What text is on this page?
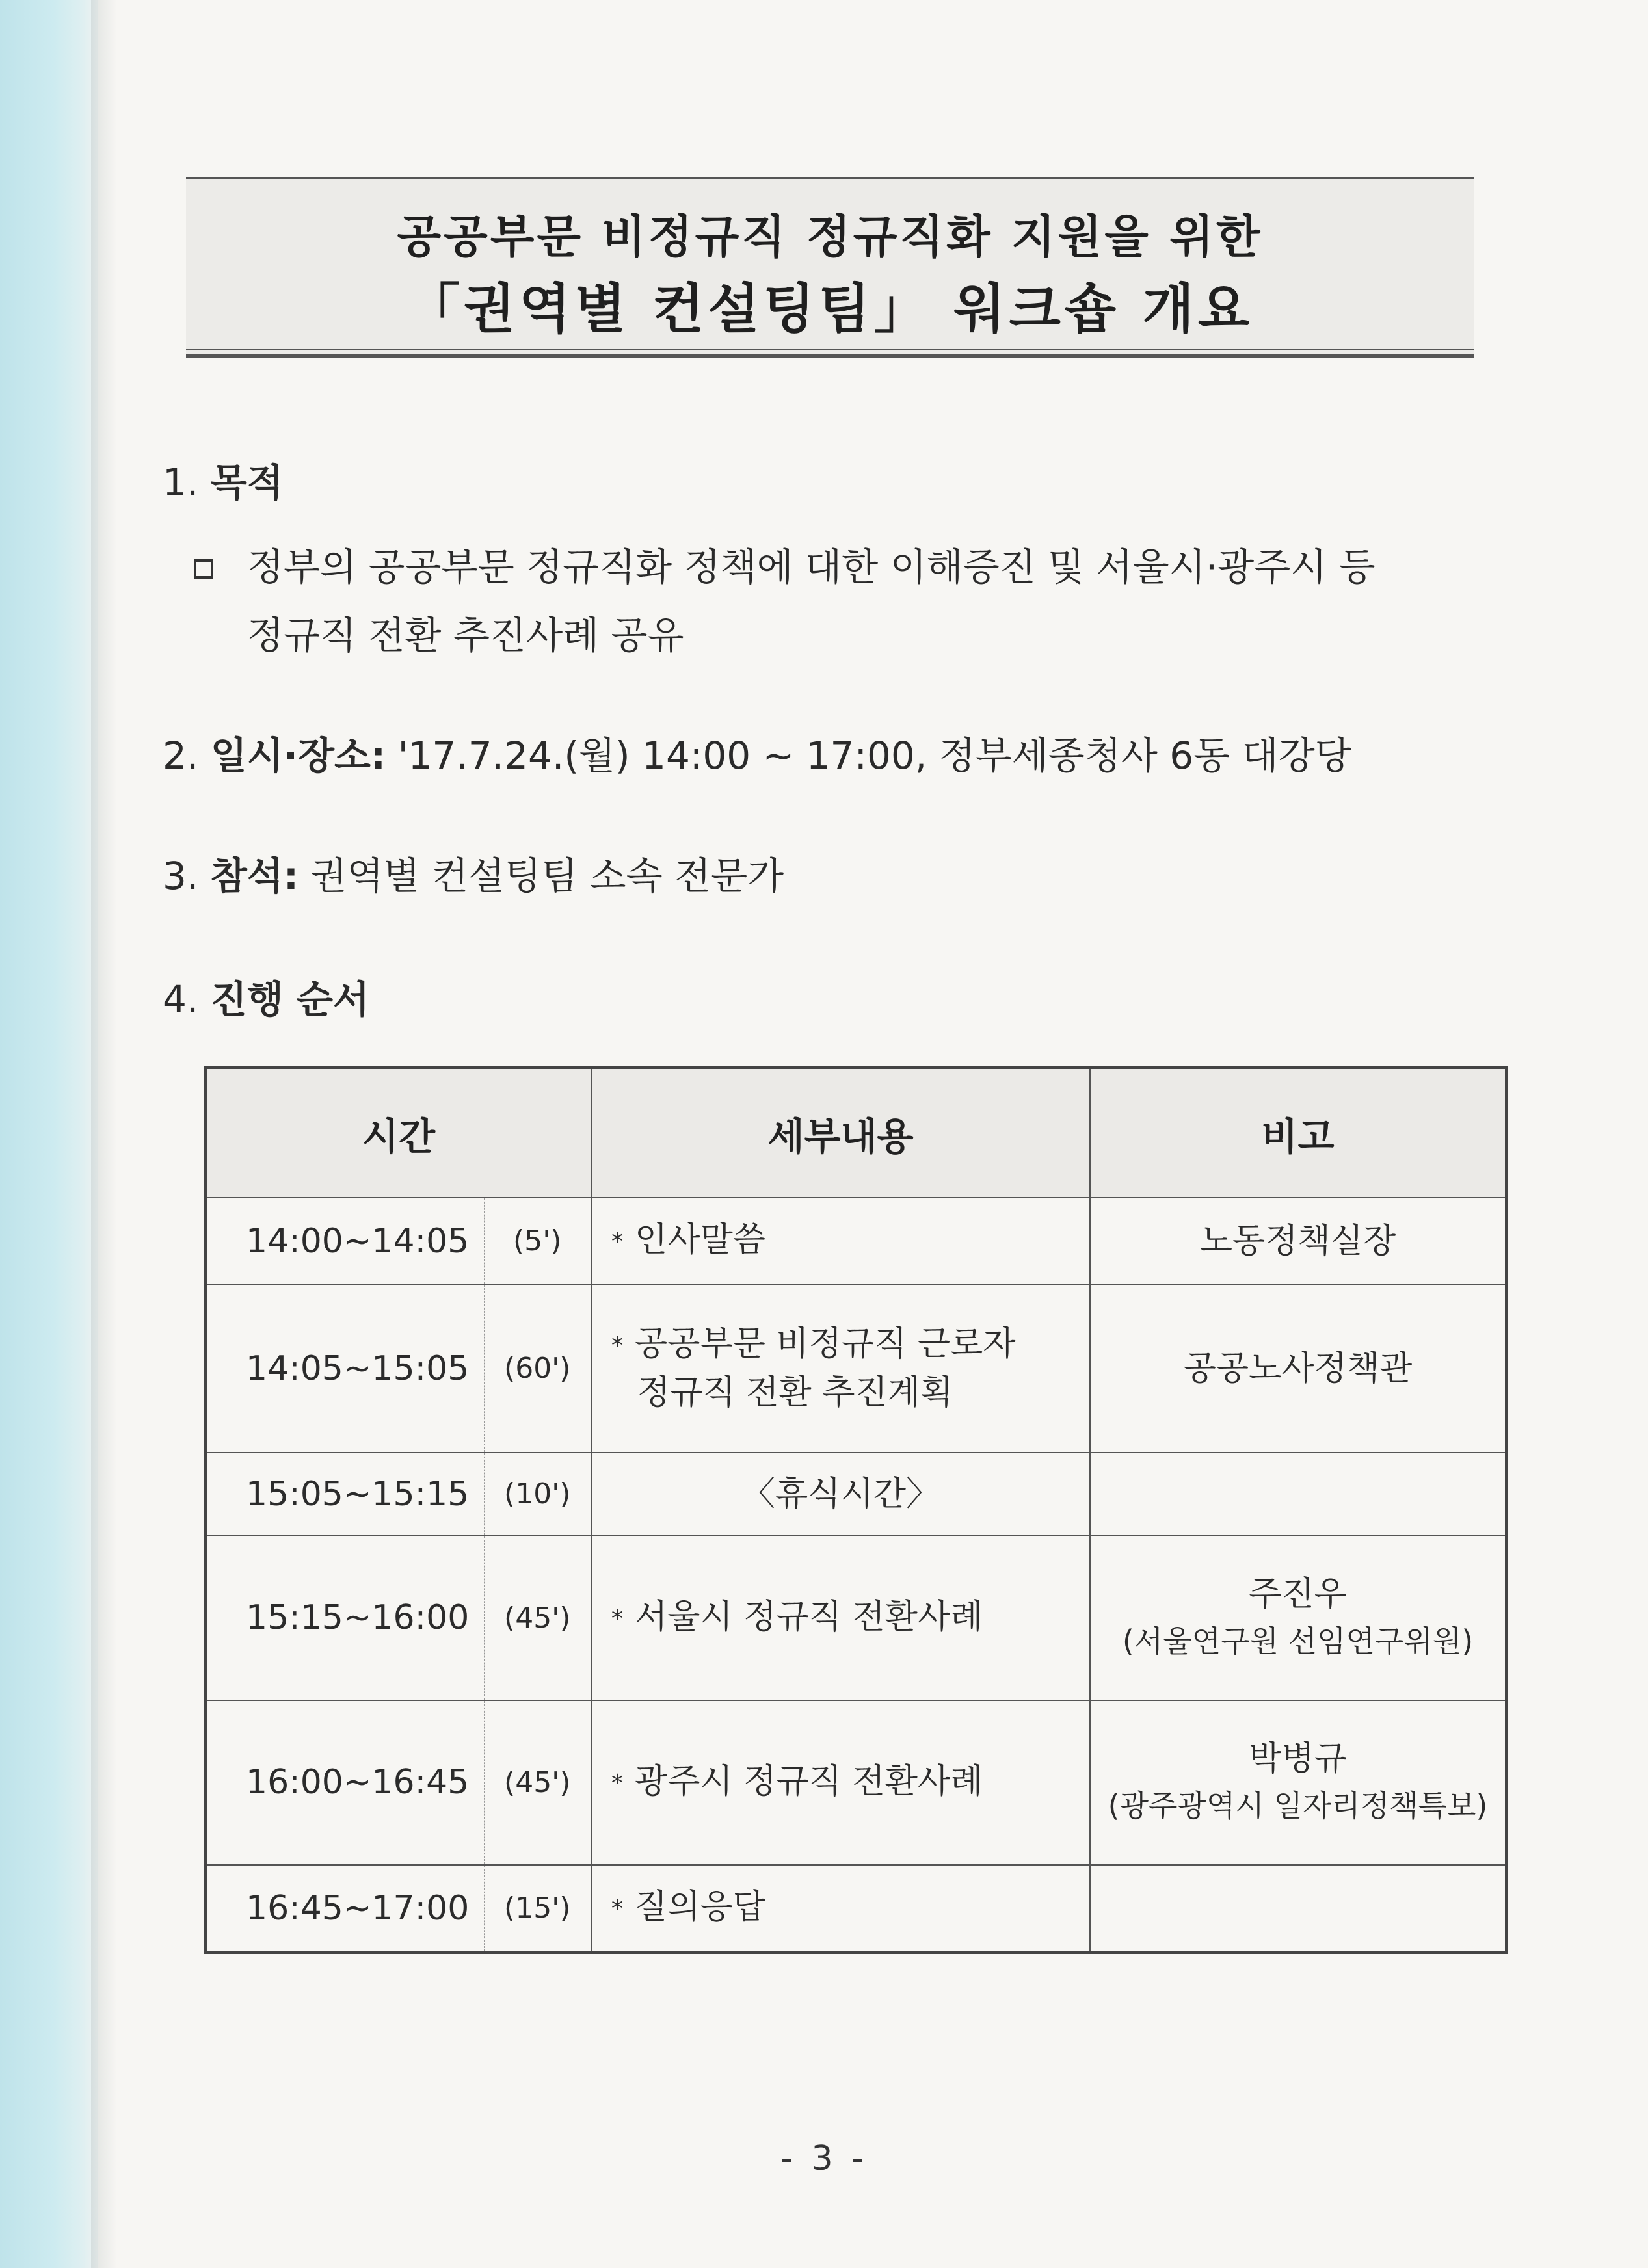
공공부문 비정규직 정규직화 지원을 위한
「권역별 컨설팅팀」 워크숍 개요
1. 목적
정부의 공공부문 정규직화 정책에 대한 이해증진 및 서울시·광주시 등
정규직 전환 추진사례 공유
2. 일시·장소: '17.7.24.(월) 14:00 ~ 17:00, 정부세종청사 6동 대강당
3. 참석: 권역별 컨설팅팀 소속 전문가
4. 진행 순서
시간		세부내용	비고
14:00~14:05	(5')	* 인사말씀	노동정책실장
14:05~15:05	(60')	* 공공부문 비정규직 근로자
정규직 전환 추진계획	공공노사정책관
15:05~15:15	(10')	〈휴식시간〉	
15:15~16:00	(45')	* 서울시 정규직 전환사례	주진우
(서울연구원 선임연구위원)

16:00~16:45	(45')	* 광주시 정규직 전환사례	박병규
(광주광역시 일자리정책특보)

16:45~17:00	(15')	* 질의응답	
- 3 -
